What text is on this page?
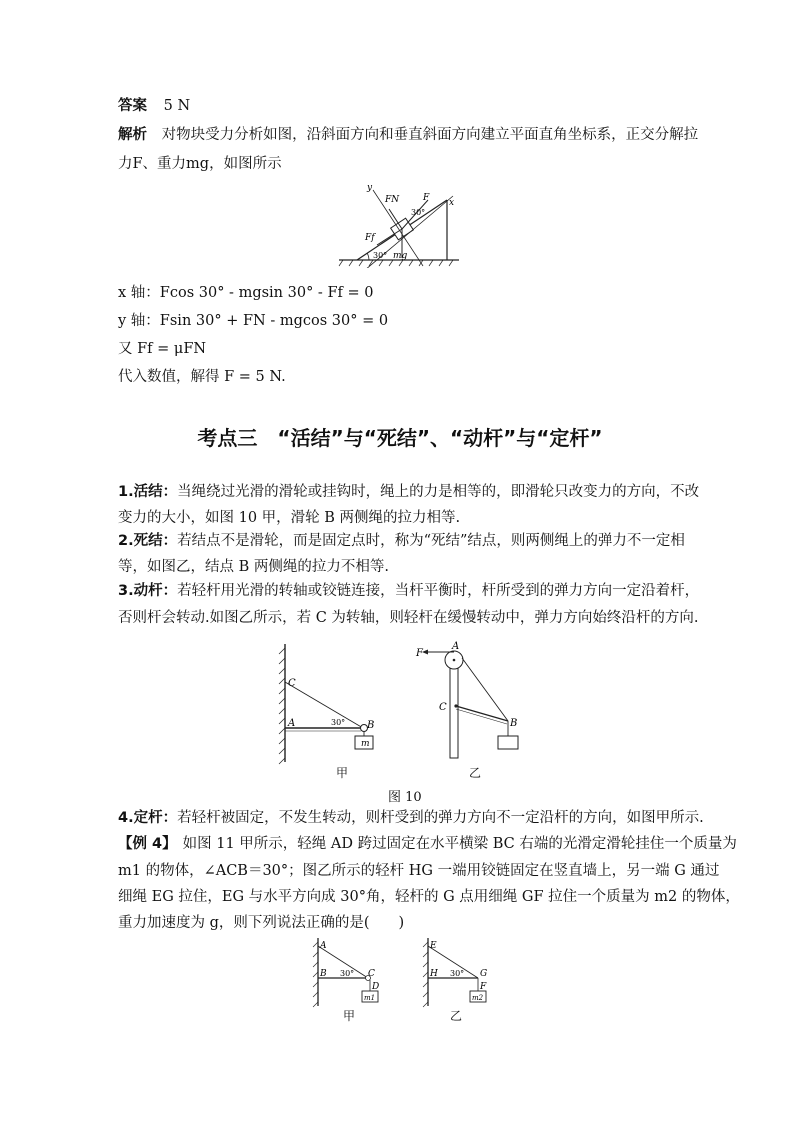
答案 5 N
解析 对物块受力分析如图，沿斜面方向和垂直斜面方向建立平面直角坐标系，正交分解拉
力F、重力mg，如图所示
y
FN	F
30°
x
Ff
30° mg
x 轴：Fcos 30° - mgsin 30° - Ff = 0
y 轴：Fsin 30° + FN - mgcos 30° = 0
又 Ff = μFN
代入数值，解得 F = 5 N.
考点三　“活结”与“死结”、“动杆”与“定杆”
1.活结：当绳绕过光滑的滑轮或挂钩时，绳上的力是相等的，即滑轮只改变力的方向，不改
变力的大小，如图 10 甲，滑轮 B 两侧绳的拉力相等.
2.死结：若结点不是滑轮，而是固定点时，称为“死结”结点，则两侧绳上的弹力不一定相
等，如图乙，结点 B 两侧绳的拉力不相等.
3.动杆：若轻杆用光滑的转轴或铰链连接，当杆平衡时，杆所受到的弹力方向一定沿着杆，
否则杆会转动.如图乙所示，若 C 为转轴，则轻杆在缓慢转动中，弹力方向始终沿杆的方向.
C
A	30° B
m
A
F
C
B
甲	乙
图 10
4.定杆：若轻杆被固定，不发生转动，则杆受到的弹力方向不一定沿杆的方向，如图甲所示.
【例 4】 如图 11 甲所示，轻绳 AD 跨过固定在水平横梁 BC 右端的光滑定滑轮挂住一个质量为
m1 的物体，∠ACB＝30°；图乙所示的轻杆 HG 一端用铰链固定在竖直墙上，另一端 G 通过
细绳 EG 拉住，EG 与水平方向成 30°角，轻杆的 G 点用细绳 GF 拉住一个质量为 m2 的物体，
重力加速度为 g，则下列说法正确的是(　　)
A
B 30° C
D
m1
E
H 30° G
F
m2
甲	乙
